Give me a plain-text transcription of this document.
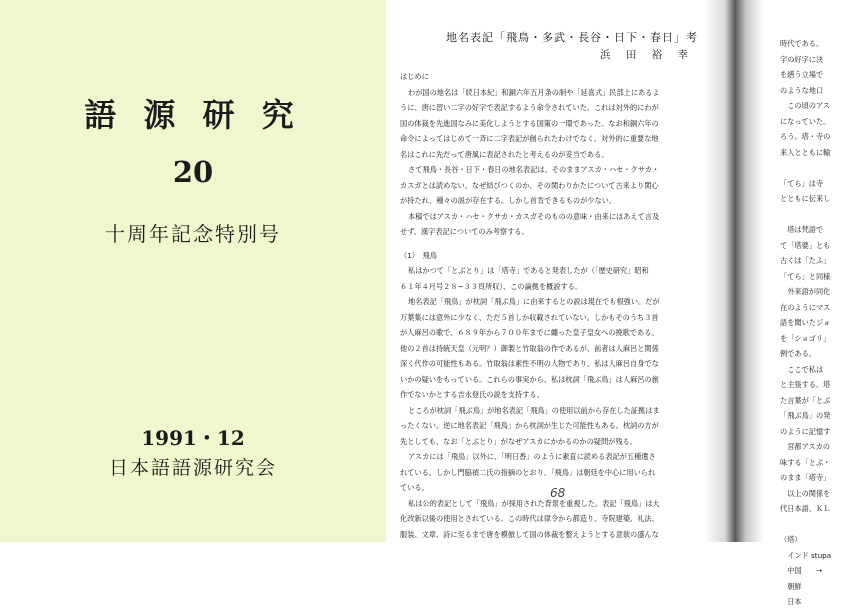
語 源 研 究
20
十周年記念特別号
1991・12
日本語語源研究会
地名表記「飛鳥・多武・長谷・日下・春日」考
浜 田 裕 幸
はじめに

わが国の地名は「続日本紀」和銅六年五月条の制や「延喜式」民部上にあるよ

うに、唐に習い二字の好字で表記するよう命令されていた。これは対外的にわが

国の体裁を先進国なみに美化しようとする国策の一環であった。なお和銅六年の

命令によってはじめて一斉に二字表記が創られたわけでなく、対外的に重要な地

名はこれに先だって唐風に表記されたと考えるのが妥当である。

さて飛鳥・長谷・日下・春日の地名表記は、そのままアスカ・ハセ・クサカ・

カスガとは読めない。なぜ結びつくのか、その関わりかたについて古来より関心

が持たれ、種々の説が存在する。しかし首肯できるものが少ない。

本稿ではアスカ・ハセ・クサカ・カスガそのものの意味・由来にはあえて言及

せず、漢字表記についてのみ考察する。

（1）　飛鳥

私はかつて「とぶとり」は「塔寺」であると発表したが（「歴史研究」昭和

６１年４月号２８−３３頁所収）、この論拠を概説する。

地名表記「飛鳥」が枕詞「飛ぶ鳥」に由来するとの説は現在でも根強い。だが

万葉集には意外に少なく、ただ５首しか収載されていない。しかもそのうち３首

が人麻呂の歌で、６８９年から７００年までに纏った皇子皇女への挽歌である。

他の２首は持統天皇（元明？）御製と竹取翁の作であるが、前者は人麻呂と関係

深く代作の可能性もある。竹取翁は素性不明の人物であり、私は人麻呂自身でな

いかの疑いをもっている。これらの事実から、私は枕詞「飛ぶ鳥」は人麻呂の創

作でないかとする吉永登氏の説を支持する。

ところが枕詞「飛ぶ鳥」が地名表記「飛鳥」の使用以前から存在した証拠はま

ったくない。逆に地名表記「飛鳥」から枕詞が生じた可能性もある。枕詞の方が

先としても、なお「とぶとり」がなぜアスカにかかるのかの疑問が残る。

アスカには「飛鳥」以外に、「明日香」のように素直に読める表記が五種遺さ

れている。しかし門脇禎二氏の指摘のとおり、「飛鳥」は朝廷を中心に用いられ

ている。

私は公的表記として「飛鳥」が採用された背景を重視した。表記「飛鳥」は大

化改新以後の使用とされている。この時代は律令から都造り、寺院建築、礼法、

服装、文章、詩に至るまで唐を模倣して国の体裁を整えようとする意欲の盛んな

68
時代である。
字の好字に決
を繕う立場で
のような地口
　この頃のアス
になっていた。
ろう。塔・寺の
来人とともに輸

「てら」は寺
とともに伝来し

　塔は梵語で
て「塔婆」とも
古くは「たふ」
「てら」と同様
　外来語が同化
在のようにマス
語を聞いたジョ
を「ショゴリ」
例である。
　ここで私は
と主張する。塔
た言葉が「とぶ
「飛ぶ鳥」の発
のように記憶す
　宮都アスカの
味する「とぶ・
のまま「塔寺」
　以上の関係を
代日本語、ＫＬ

（塔）
　インド stupa
　中国　　→
　朝鮮
　日本
